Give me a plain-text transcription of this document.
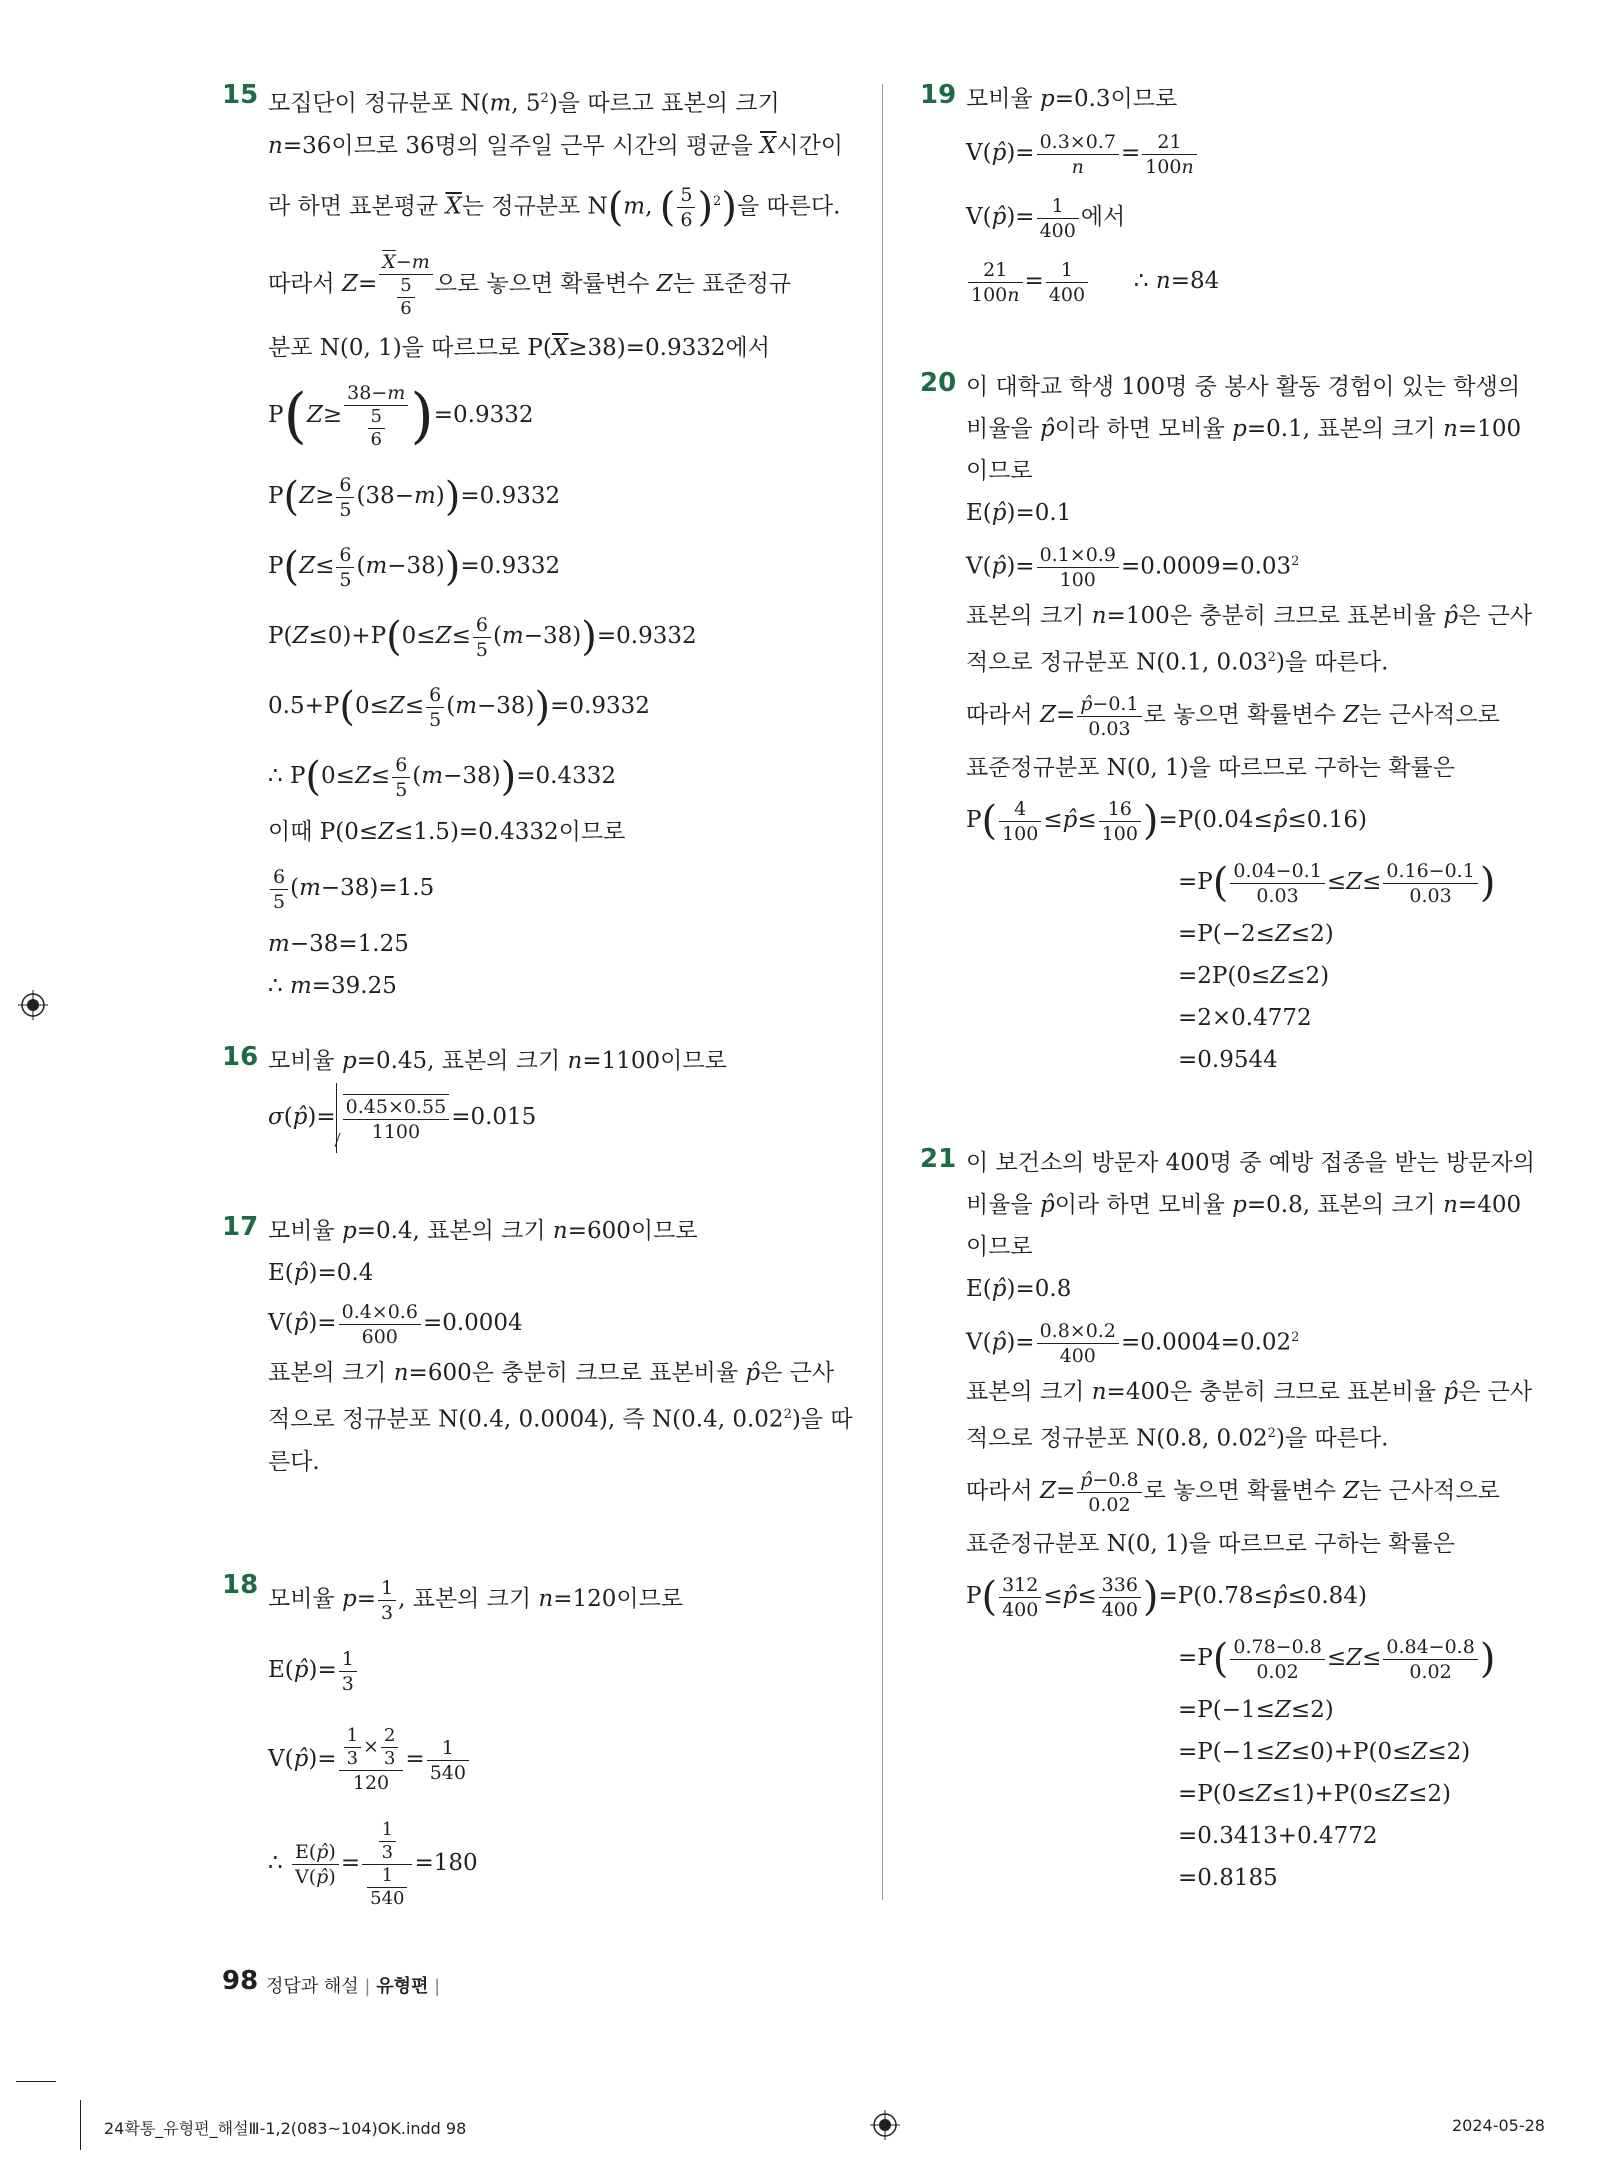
15 모집단이 정규분포 N(m, $5^2$)을 따르고 표본의 크기
n=36이므로 36명의 일주일 근무 시간의 평균을 $\overline{X}$시간이
라 하면 표본평균 $\overline{X}$는 정규분포 N(m, ( $\frac{5}{6} )^2$)을 따른다.
따라서 $Z= \frac{\overline{X}-m}{\frac{5}{6}}$ 으로 놓으면 확률변수 Z는 표준정규
분포 N(0, 1)을 따르므로 $P(\overline{X}\ge 38)=0.9332$에서
$P(Z\ge \frac{38-m}{\frac{5}{6}} )=0.9332$
$P(Z\ge \frac{6}{5} (38-m))=0.9332$
$P(Z\le \frac{6}{5} (m-38))=0.9332$
$P(Z\le 0)+P(0\le Z\le \frac{6}{5} (m-38))=0.9332$
$0.5+P(0\le Z\le \frac{6}{5} (m-38))=0.9332$
∴ $P(0\le Z\le \frac{6}{5} (m-38))=0.4332$
이때 P(0≤Z≤1.5)=0.4332이므로
$\frac{6}{5} (m-38)=1.5$
m−38=1.25
∴ m=39.25
16 모비율 p=0.45, 표본의 크기 n=1100이므로
σ(p̂)= $\frac{0.45\times 0.55}{1100} =0.015$
17 모비율 p=0.4, 표본의 크기 n=600이므로
E(p̂)=0.4
V(p̂)= $\frac{0.4\times 0.6}{600} =0.0004$
표본의 크기 n=600은 충분히 크므로 표본비율 p̂은 근사
적으로 정규분포 N(0.4, 0.0004), 즉 N(0.4, 0.02$^2$)을 따
른다.
18 모비율 $p= \frac{1}{3}$ , 표본의 크기 n=120이므로
E(p̂)= $\frac{1}{3}$
V(p̂)= $\frac{\frac{1}{3} \times \frac{2}{3}}{120} = \frac{1}{540}$
∴ $\frac{E(p̂)}{V(p̂)} = \frac{\frac{1}{3}}{\frac{1}{540}} =180$
19 모비율 p=0.3이므로
V(p̂)= $\frac{0.3\times 0.7}{n} = \frac{21}{100n}$
V(p̂)= $\frac{1}{400}$ 에서
$\frac{21}{100n} = \frac{1}{400}$ ∴ n=84
20 이 대학교 학생 100명 중 봉사 활동 경험이 있는 학생의
비율을 p̂이라 하면 모비율 p=0.1, 표본의 크기 n=100
이므로
E(p̂)=0.1
V(p̂)= $\frac{0.1\times 0.9}{100} =0.0009=0.03^2$
표본의 크기 n=100은 충분히 크므로 표본비율 p̂은 근사
적으로 정규분포 N(0.1, 0.03$^2$)을 따른다.
따라서 $Z= \frac{p̂-0.1}{0.03}$ 로 놓으면 확률변수 Z는 근사적으로
표준정규분포 N(0, 1)을 따르므로 구하는 확률은
$P( \frac{4}{100}$ ≤p̂≤ $\frac{16}{100}$ )=P(0.04≤p̂≤0.16)
$=P( \frac{0.04-0.1}{0.03} \le Z\le \frac{0.16-0.1}{0.03}$ )
=P(−2≤Z≤2)
=2P(0≤Z≤2)
=2×0.4772
=0.9544
21 이 보건소의 방문자 400명 중 예방 접종을 받는 방문자의
비율을 p̂이라 하면 모비율 p=0.8, 표본의 크기 n=400
이므로
E(p̂)=0.8
V(p̂)= $\frac{0.8\times 0.2}{400} =0.0004=0.02^2$
표본의 크기 n=400은 충분히 크므로 표본비율 p̂은 근사
적으로 정규분포 N(0.8, 0.02$^2$)을 따른다.
따라서 $Z= \frac{p̂-0.8}{0.02}$ 로 놓으면 확률변수 Z는 근사적으로
표준정규분포 N(0, 1)을 따르므로 구하는 확률은
$P( \frac{312}{400}$ ≤p̂≤ $\frac{336}{400}$ )=P(0.78≤p̂≤0.84)
$=P( \frac{0.78-0.8}{0.02} \le Z\le \frac{0.84-0.8}{0.02}$ )
=P(−1≤Z≤2)
=P(−1≤Z≤0)+P(0≤Z≤2)
=P(0≤Z≤1)+P(0≤Z≤2)
=0.3413+0.4772
=0.8185
98 정답과 해설 | 유형편 |
24확통_유형편_해설Ⅲ-1,2(083~104)OK.indd 98	2024-05-28
